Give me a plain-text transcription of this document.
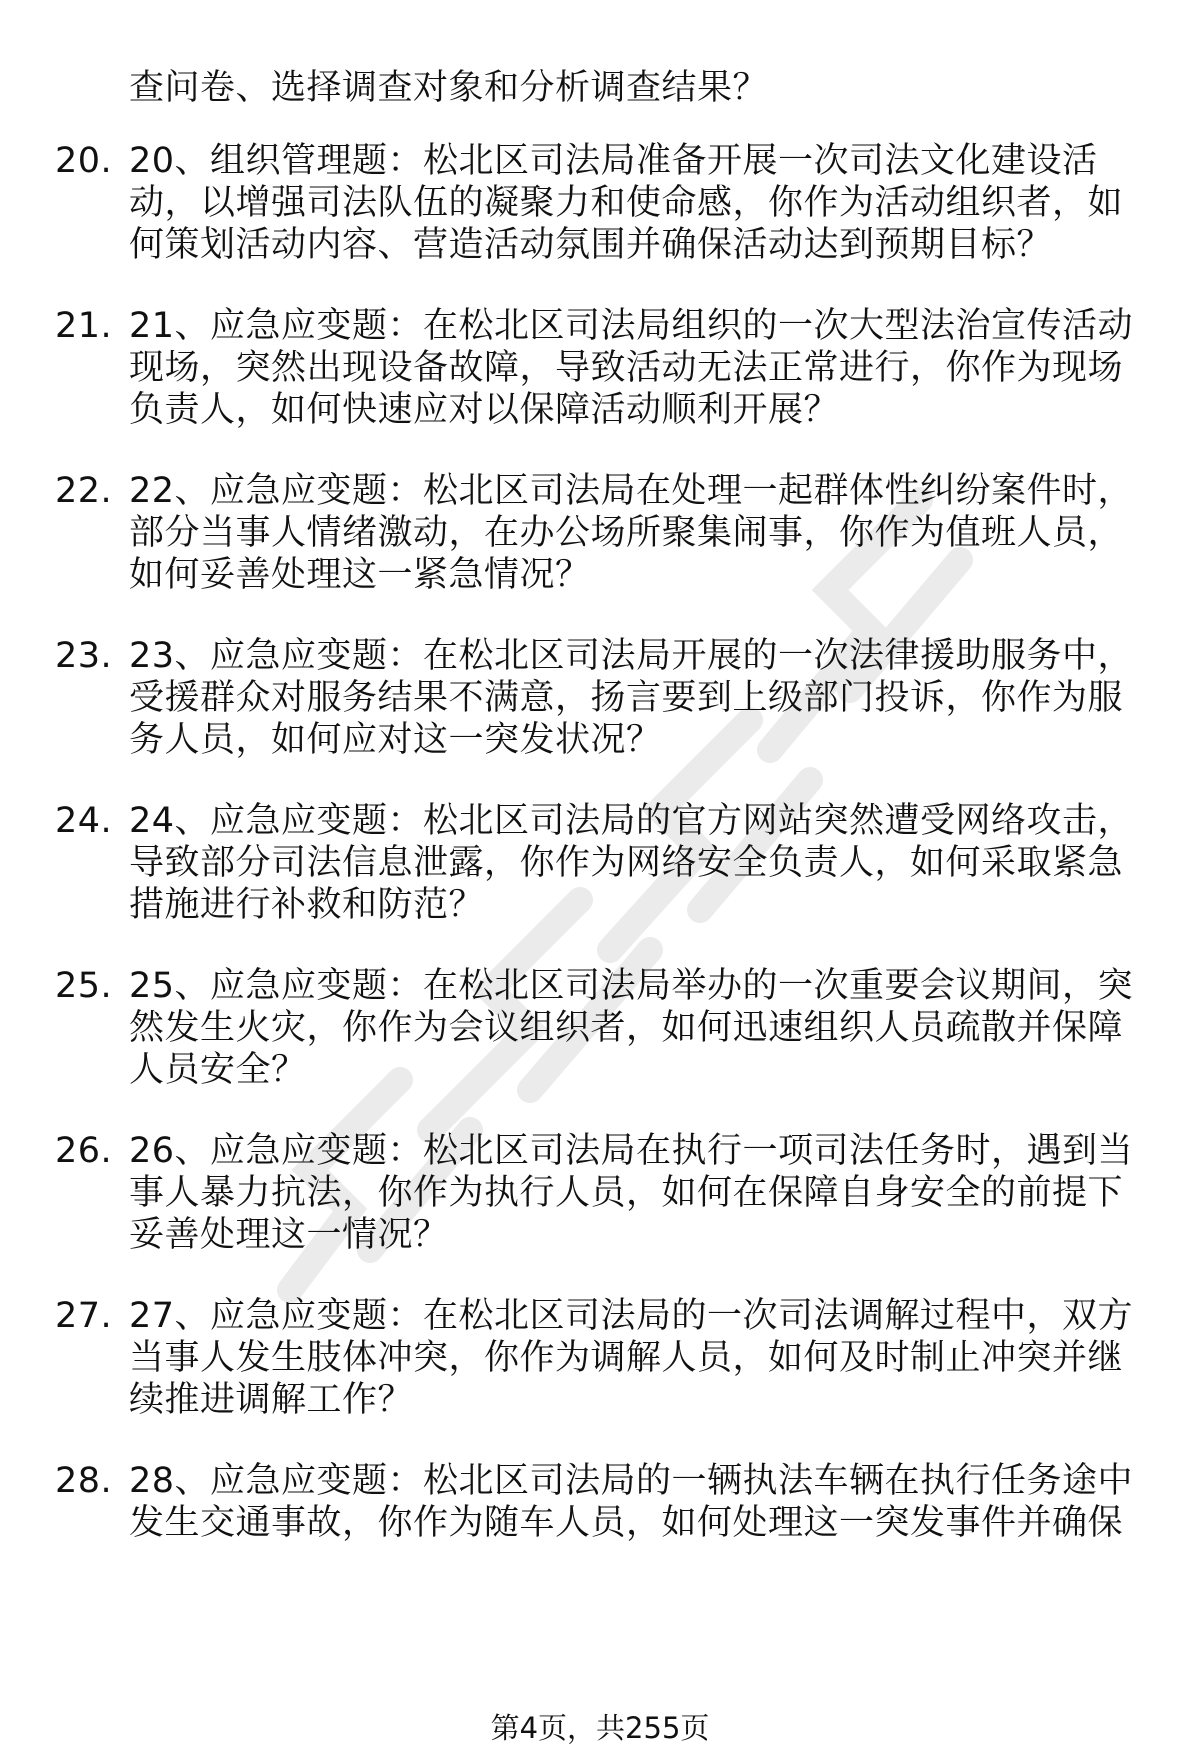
查问卷、选择调查对象和分析调查结果？
20. 20、组织管理题：松北区司法局准备开展一次司法文化建设活
动，以增强司法队伍的凝聚力和使命感，你作为活动组织者，如
何策划活动内容、营造活动氛围并确保活动达到预期目标？
21. 21、应急应变题：在松北区司法局组织的一次大型法治宣传活动
现场，突然出现设备故障，导致活动无法正常进行，你作为现场
负责人，如何快速应对以保障活动顺利开展？
22. 22、应急应变题：松北区司法局在处理一起群体性纠纷案件时，
部分当事人情绪激动，在办公场所聚集闹事，你作为值班人员，
如何妥善处理这一紧急情况？
23. 23、应急应变题：在松北区司法局开展的一次法律援助服务中，
受援群众对服务结果不满意，扬言要到上级部门投诉，你作为服
务人员，如何应对这一突发状况？
24. 24、应急应变题：松北区司法局的官方网站突然遭受网络攻击，
导致部分司法信息泄露，你作为网络安全负责人，如何采取紧急
措施进行补救和防范？
25. 25、应急应变题：在松北区司法局举办的一次重要会议期间，突
然发生火灾，你作为会议组织者，如何迅速组织人员疏散并保障
人员安全？
26. 26、应急应变题：松北区司法局在执行一项司法任务时，遇到当
事人暴力抗法，你作为执行人员，如何在保障自身安全的前提下
妥善处理这一情况？
27. 27、应急应变题：在松北区司法局的一次司法调解过程中，双方
当事人发生肢体冲突，你作为调解人员，如何及时制止冲突并继
续推进调解工作？
28. 28、应急应变题：松北区司法局的一辆执法车辆在执行任务途中
发生交通事故，你作为随车人员，如何处理这一突发事件并确保
第4页，共255页
